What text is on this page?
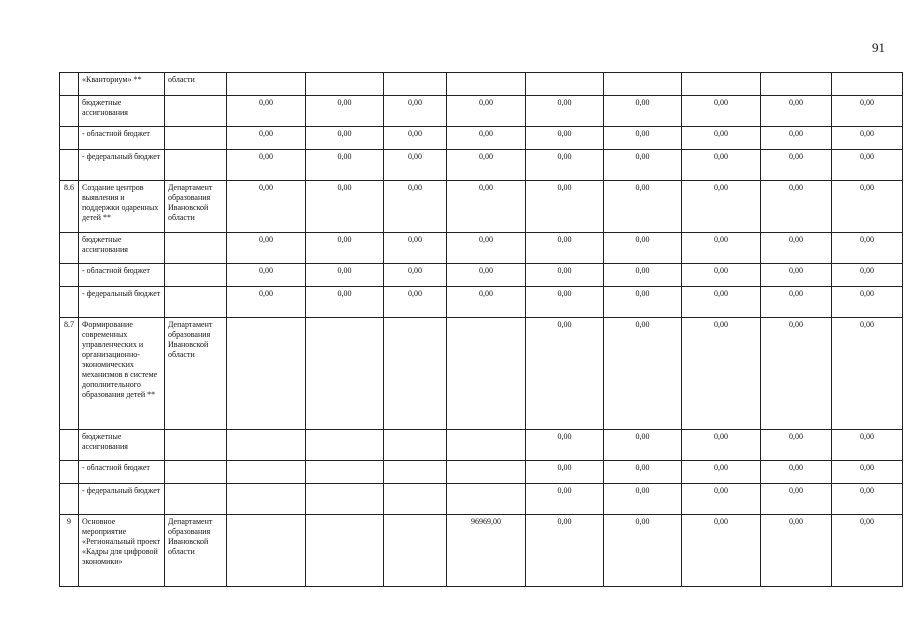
91
	«Кванториум» **	области									
	бюджетные ассигнования		0,00	0,00	0,00	0,00	0,00	0,00	0,00	0,00	0,00
	- областной бюджет		0,00	0,00	0,00	0,00	0,00	0,00	0,00	0,00	0,00
	- федеральный бюджет		0,00	0,00	0,00	0,00	0,00	0,00	0,00	0,00	0,00
8.6	Создание центров выявления и поддержки одаренных детей **	Департамент образования Ивановской области	0,00	0,00	0,00	0,00	0,00	0,00	0,00	0,00	0,00
	бюджетные ассигнования		0,00	0,00	0,00	0,00	0,00	0,00	0,00	0,00	0,00
	- областной бюджет		0,00	0,00	0,00	0,00	0,00	0,00	0,00	0,00	0,00
	- федеральный бюджет		0,00	0,00	0,00	0,00	0,00	0,00	0,00	0,00	0,00
8.7	Формирование современных управленческих и организационно-экономических механизмов в системе дополнительного образования детей **	Департамент образования Ивановской области					0,00	0,00	0,00	0,00	0,00
	бюджетные ассигнования						0,00	0,00	0,00	0,00	0,00
	- областной бюджет						0,00	0,00	0,00	0,00	0,00
	- федеральный бюджет						0,00	0,00	0,00	0,00	0,00
9	Основное мероприятие «Региональный проект «Кадры для цифровой экономики»	Департамент образования Ивановской области				96969,00	0,00	0,00	0,00	0,00	0,00
